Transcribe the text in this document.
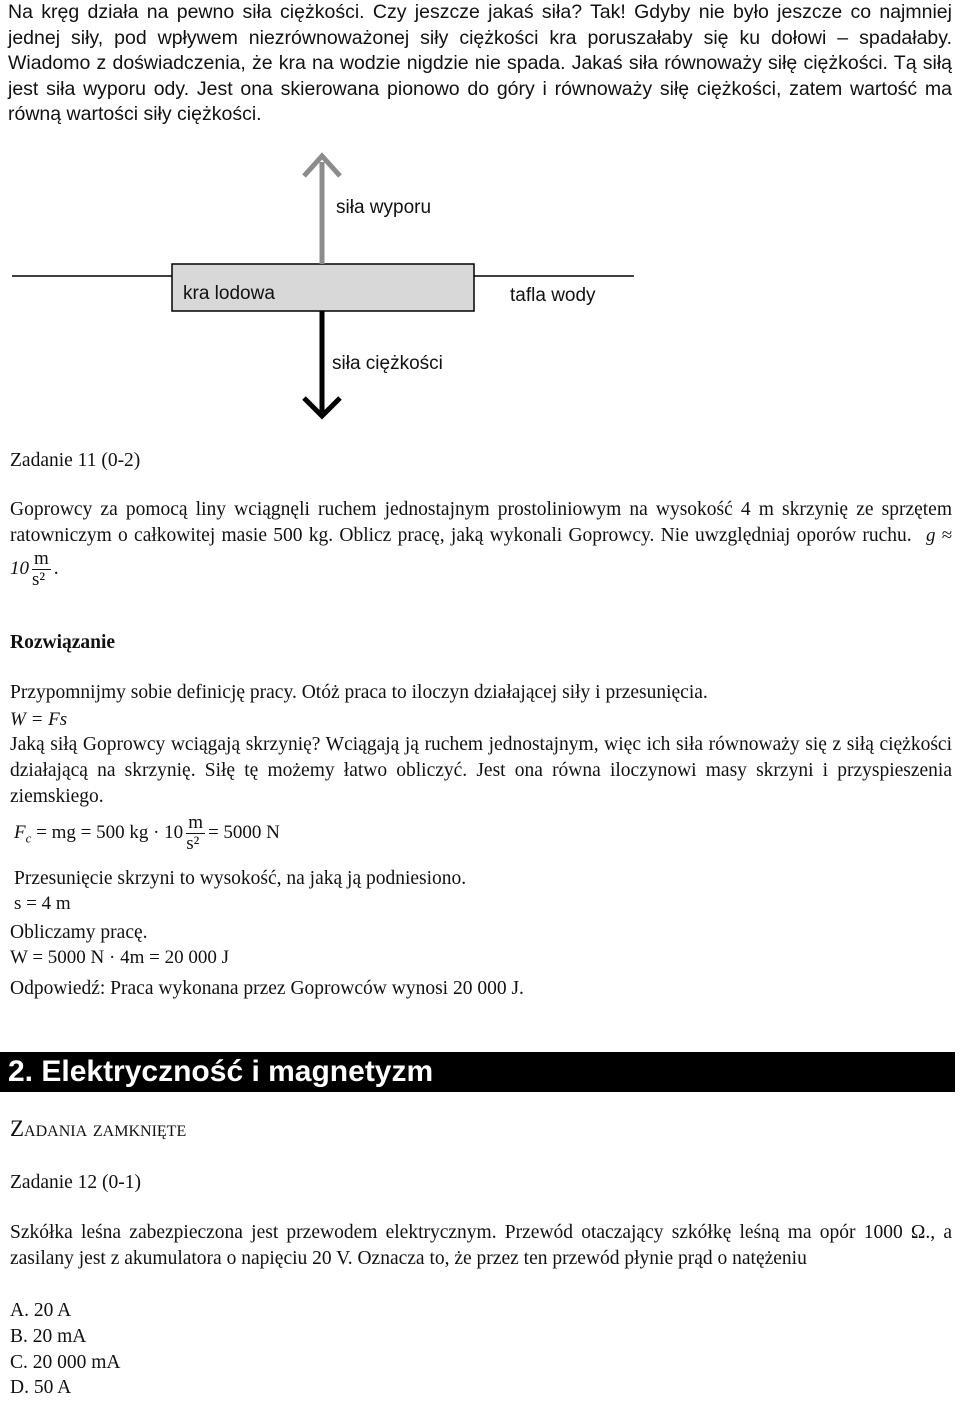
Na kręg działa na pewno siła ciężkości. Czy jeszcze jakaś siła? Tak! Gdyby nie było jeszcze co najmniej jednej siły, pod wpływem niezrównoważonej siły ciężkości kra poruszałaby się ku dołowi – spadałaby. Wiadomo z doświadczenia, że kra na wodzie nigdzie nie spada. Jakaś siła równoważy siłę ciężkości. Tą siłą jest siła wyporu ody. Jest ona skierowana pionowo do góry i równoważy siłę ciężkości, zatem wartość ma równą wartości siły ciężkości.

siła wyporu
kra lodowa	tafla wody
siła ciężkości
Zadanie 11 (0-2)

Goprowcy za pomocą liny wciągnęli ruchem jednostajnym prostoliniowym na wysokość 4 m skrzynię ze sprzętem ratowniczym o całkowitej masie 500 kg. Oblicz pracę, jaką wykonali Goprowcy. Nie uwzględniaj oporów ruchu. $g \approx 10 \frac{m}{\text{s²}}$ .

Rozwiązanie
Przypomnijmy sobie definicję pracy. Otóż praca to iloczyn działającej siły i przesunięcia.
W = Fs

Jaką siłą Goprowcy wciągają skrzynię? Wciągają ją ruchem jednostajnym, więc ich siła równoważy się z siłą ciężkości działającą na skrzynię. Siłę tę możemy łatwo obliczyć. Jest ona równa iloczynowi masy skrzyni i przyspieszenia ziemskiego.

$F_c$ = mg = 500 kg · $10 \frac{m}{\text{s²}} = 5000$ N
Przesunięcie skrzyni to wysokość, na jaką ją podniesiono.
s = 4 m
Obliczamy pracę.
W = 5000 N · 4m = 20 000 J
Odpowiedź: Praca wykonana przez Goprowców wynosi 20 000 J.
2. Elektryczność i magnetyzm
Zadania zamknięte
Zadanie 12 (0-1)

Szkółka leśna zabezpieczona jest przewodem elektrycznym. Przewód otaczający szkółkę leśną ma opór 1000 Ω., a zasilany jest z akumulatora o napięciu 20 V. Oznacza to, że przez ten przewód płynie prąd o natężeniu

A. 20 A
B. 20 mA
C. 20 000 mA
D. 50 A
